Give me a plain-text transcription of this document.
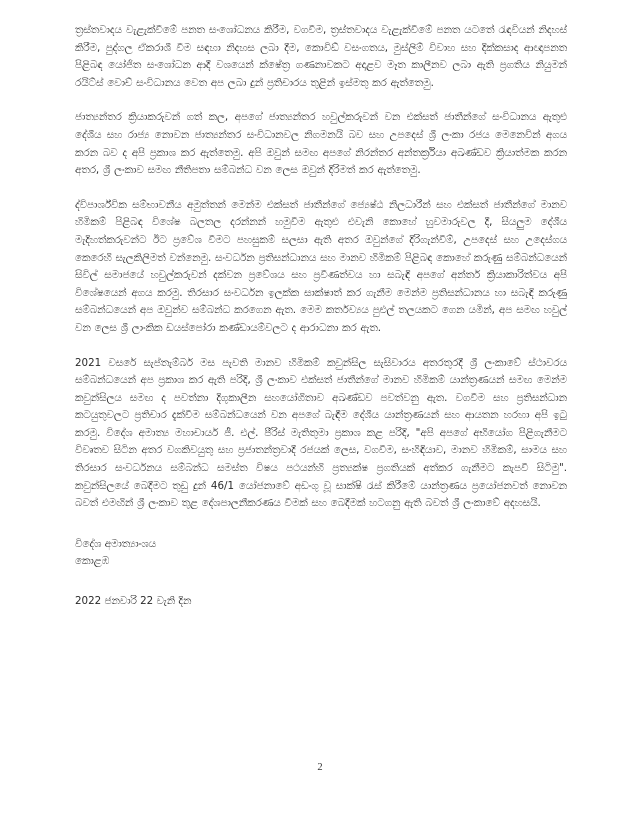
ත්‍රස්තවාදය වැළැක්වීමේ පනත සංශෝධනය කිරීම, වගවීම, ත්‍රස්තවාදය වැළැක්වීමේ පනත යටතේ රැඳවියන් නිදහස් කිරීම, පුද්ගල ඒකරාශී වීම සඳහා නිදහස ලබා දීම, කොවිඩ් වසංගතය, මුස්ලිම් විවාහ සහ දික්කසාද ආඥාපනත පිළිබඳ යෝජිත සංශෝධන ආදී වශයෙන් ක්ෂේත්‍ර ගණනාවකට අදාළව මෑත කාලීනව ලබා ඇති ප්‍රගතිය නියුමන් රයිට්ස් වොච් සංවිධානය වෙත අප ලබා දුන් ප්‍රතිචාරය තුළින් ඉස්මතු කර ඇත්තෙමු.

ජාත්‍යන්තර ක්‍රියාකරුවන් ගත් කල, අපගේ ජාත්‍යන්තර හවුල්කරුවන් වන එක්සත් ජාතීන්ගේ සංවිධානය ඇතුළු දේශීය සහ රාජ්‍ය නොවන ජාත්‍යන්තර සංවිධානවල නිගමනයි බව සහ උපදෙස් ශ්‍රී ලංකා රජය මෙනෙවින් අගය කරන බව ද අපි ප්‍රකාශ කර ඇත්තෙමු. අපි ඔවුන් සමඟ අපගේ නිරන්තර අන්තර්ක්‍රියා අඛණ්ඩව ක්‍රියාත්මක කරන අතර, ශ්‍රී ලංකාව සමඟ නීතිපතා සම්බන්ධ වන ලෙස ඔවුන් දිරිමත් කර ඇත්තෙමු.

ද්විපාර්ශ්වික සම්භාවනීය අමුත්තන් මෙන්ම එක්සත් ජාතීන්ගේ ජ්‍යෙෂ්ඨ නිලධාරීන් සහ එක්සත් ජාතීන්ගේ මානව හිමිකම් පිළිබඳ විශේෂ බලතල දරන්නන් හමුවීම ඇතුළු එවැනි කොහේ හුවමාරුවල දී, සියලුම දේශීය මැදිහත්කරුවන්ට ඊට ප්‍රවේශ වීමට පහසුකම් සලසා ඇති අතර ඔවුන්ගේ දිරිගැන්වීම්, උපදෙස් සහ උදෙස්ගය කෙරෙහි සැලකිලිමත් වන්නෙමු. සංවර්ධන ප්‍රතිසන්ධානය සහ මානව හිමිකම් පිළිබඳ කොහේ කරුණු සම්බන්ධයෙන් සිවිල් සමාජයේ හවුල්කරුවන් දක්වන ප්‍රවේශය සහ ප්‍රවීණත්වය හා සබැඳි අපගේ අන්තර් ක්‍රියාකාරිත්වය අපි විශේෂයෙන් අගය කරමු. තිරසාර සංවර්ධන ඉලක්ක සාක්ෂාත් කර ගැනීම මෙන්ම ප්‍රතිසන්ධානය හා සබැඳි කරුණු සම්බන්ධයෙන් අප ඔවුන්ව සම්බන්ධ කරගෙන ඇත. මෙම කර්තව්‍යය පුළුල් තලයකට ගෙන යමින්, අප සමඟ හවුල් වන ලෙස ශ්‍රී ලාංකික ඩයස්පෝරා කණ්ඩායම්වලට ද ආරාධනා කර ඇත.

2021 වසරේ සැප්තැම්බර් මස පැවති මානව හිමිකම් කවුන්සිල සැසිවාරය අතරතුරදී ශ්‍රී ලංකාවේ ස්ථාවරය සම්බන්ධයෙන් අප ප්‍රකාශ කර ඇති පරිදි, ශ්‍රී ලංකාව එක්සත් ජාතීන්ගේ මානව හිමිකම් යාන්ත්‍රණයන් සමඟ මෙන්ම කවුන්සිලය සමඟ ද පවත්නා දිගුකාලීන සහයෝගිතාව අඛණ්ඩව පවත්වනු ඇත. වගවීම සහ ප්‍රතිසන්ධාන කටයුතුවලට ප්‍රතිචාර දැක්වීම සම්බන්ධයෙන් වන අපගේ බැඳීම දේශීය යාන්ත්‍රණයන් සහ ආයතන හරහා අපි ඉටු කරමු. විදේශ අමාත්‍ය මහාචාර්ය ජී. එල්. පීරිස් මැතිතුමා ප්‍රකාශ කළ පරිදි, "අපි අපගේ අභියෝග පිළිගැනීමට විවෘතව සිටින අතර වගකිවයුතු සහ ප්‍රජාතන්ත්‍රවාදී රජයක් ලෙස, වගවීම, සංහිඳියාව, මානව හිමිකම්, සාමය සහ තිරසාර සංවර්ධනය සම්බන්ධ සමස්ත විෂය පථයන්හි ප්‍රත්‍යක්ෂ ප්‍රගතියක් අත්කර ගැනීමට කැපවී සිටිමු". කවුන්සිලයේ බෙදීමට තුඩු දුන් 46/1 යෝජනාවේ අඩංගු වූ සාක්ෂි රැස් කිරීමේ යාන්ත්‍රණය ප්‍රයෝජනවත් නොවන බවත් එමඟින් ශ්‍රී ලංකාව තුළ දේශපාලනීකරණය වීමක් සහ බෙදීමක් හටගනු ඇති බවත් ශ්‍රී ලංකාවේ අදහසයි.

විදේශ අමාත්‍යාංශය
කොළඹ
2022 ජනවාරි 22 වැනි දින
2
